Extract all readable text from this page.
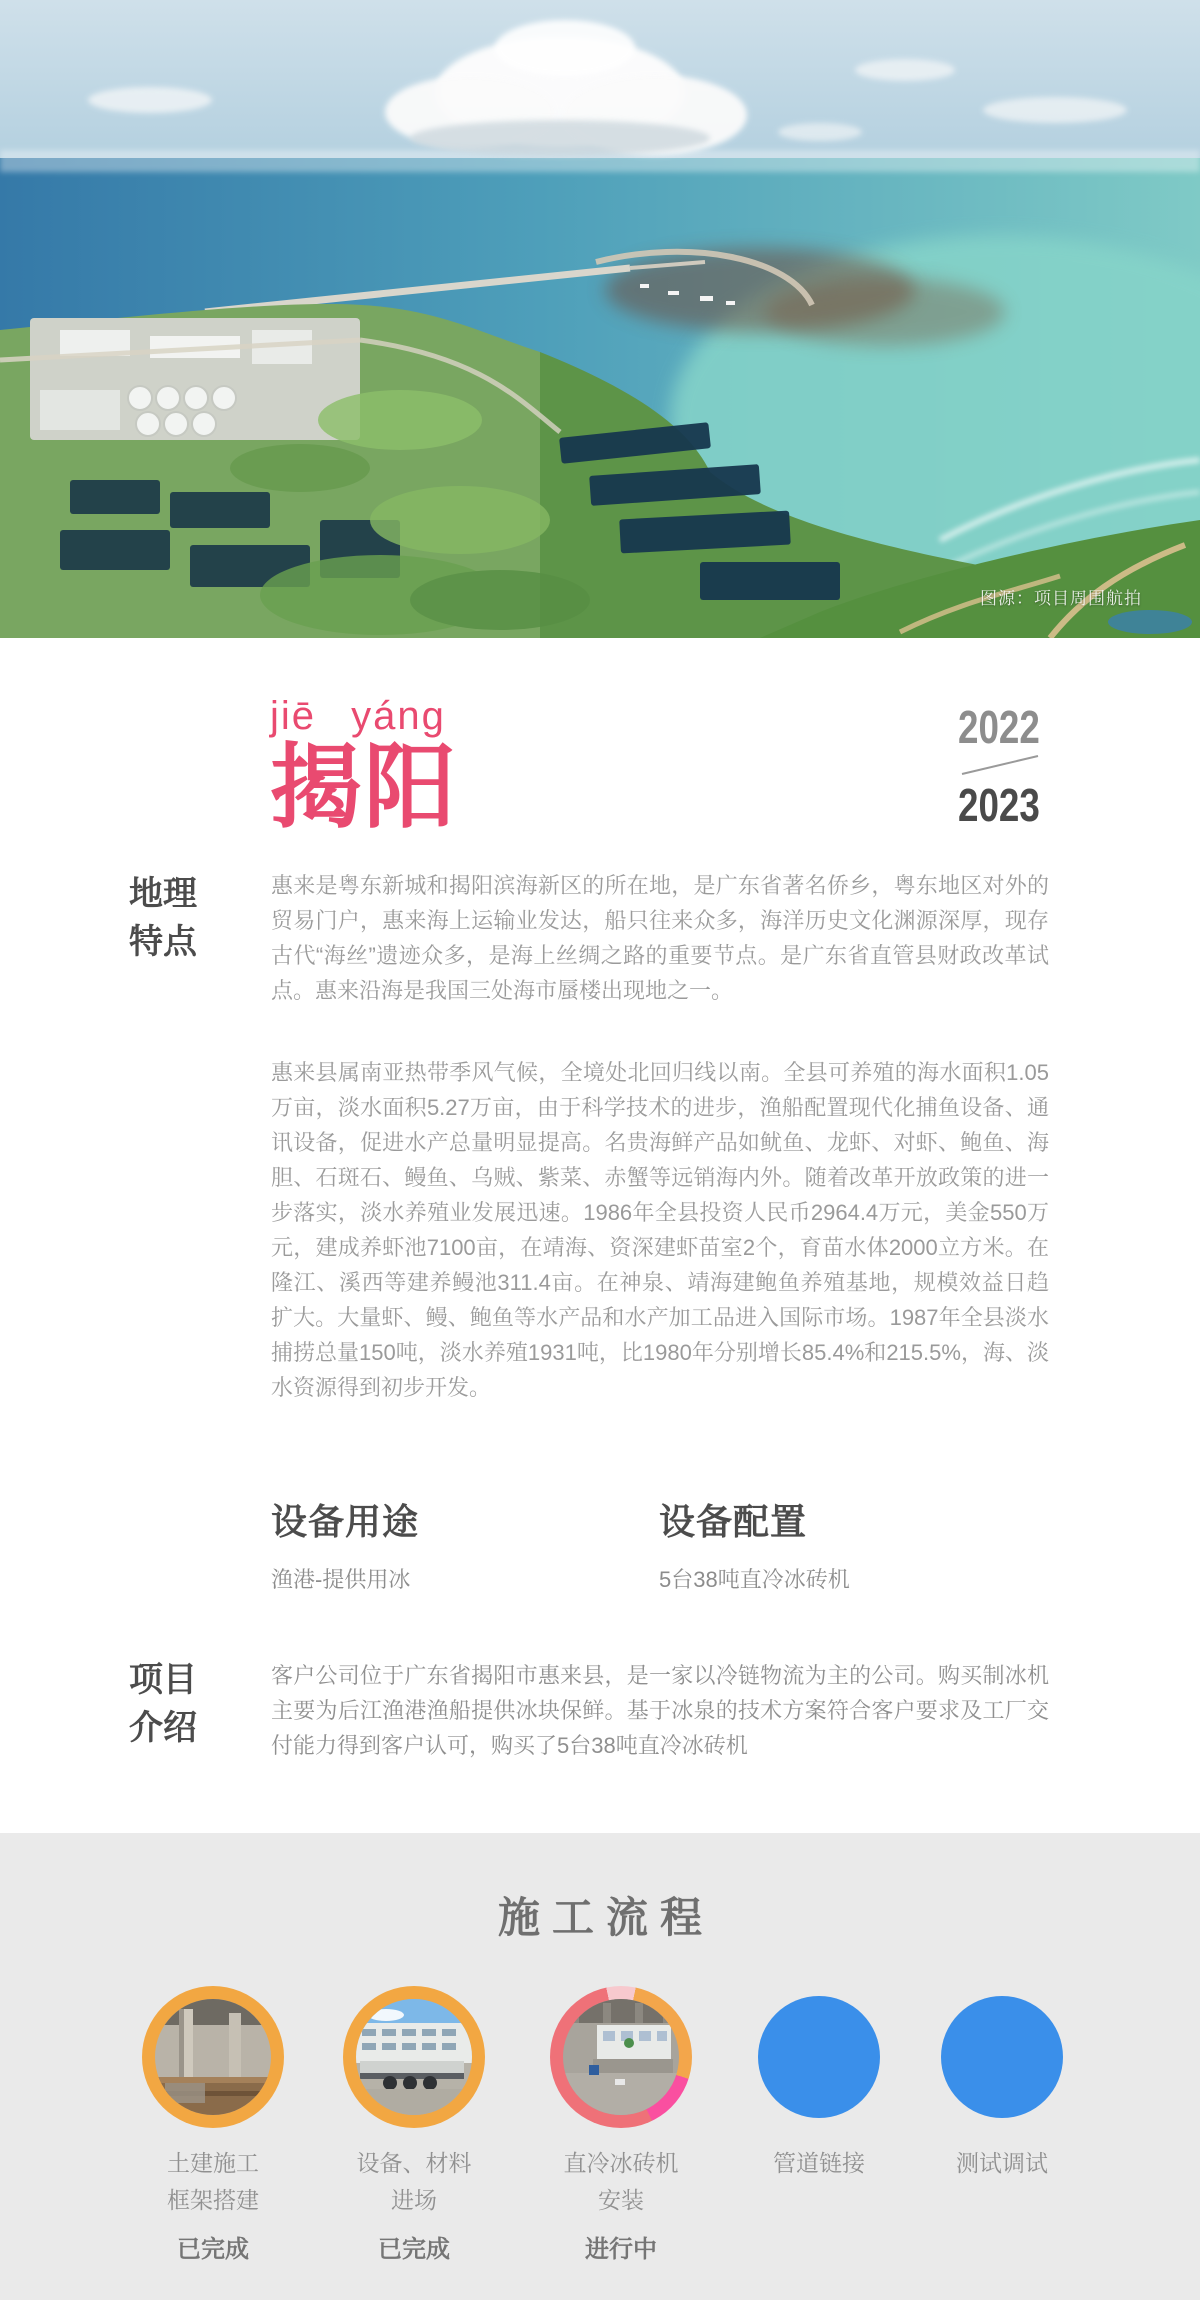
图源：项目周围航拍
jiē yáng
揭阳
2022
2023
地理
特点

惠来是粤东新城和揭阳滨海新区的所在地，是广东省著名侨乡，粤东地区对外的贸易门户，惠来海上运输业发达，船只往来众多，海洋历史文化渊源深厚，现存古代“海丝”遗迹众多，是海上丝绸之路的重要节点。是广东省直管县财政改革试点。惠来沿海是我国三处海市蜃楼出现地之一。

惠来县属南亚热带季风气候，全境处北回归线以南。全县可养殖的海水面积1.05万亩，淡水面积5.27万亩，由于科学技术的进步，渔船配置现代化捕鱼设备、通讯设备，促进水产总量明显提高。名贵海鲜产品如鱿鱼、龙虾、对虾、鲍鱼、海胆、石斑石、鳗鱼、乌贼、紫菜、赤蟹等远销海内外。随着改革开放政策的进一步落实，淡水养殖业发展迅速。1986年全县投资人民币2964.4万元，美金550万元，建成养虾池7100亩，在靖海、资深建虾苗室2个，育苗水体2000立方米。在隆江、溪西等建养鳗池311.4亩。在神泉、靖海建鲍鱼养殖基地，规模效益日趋扩大。大量虾、鳗、鲍鱼等水产品和水产加工品进入国际市场。1987年全县淡水捕捞总量150吨，淡水养殖1931吨，比1980年分别增长85.4%和215.5%，海、淡水资源得到初步开发。

设备用途
渔港-提供用冰
设备配置
5台38吨直冷冰砖机
项目
介绍

客户公司位于广东省揭阳市惠来县，是一家以冷链物流为主的公司。购买制冰机主要为后江渔港渔船提供冰块保鲜。基于冰泉的技术方案符合客户要求及工厂交付能力得到客户认可，购买了5台38吨直冷冰砖机

施工流程

土建施工

框架搭建

已完成

设备、材料

进场

已完成

直冷冰砖机

安装

进行中

管道链接	测试调试
